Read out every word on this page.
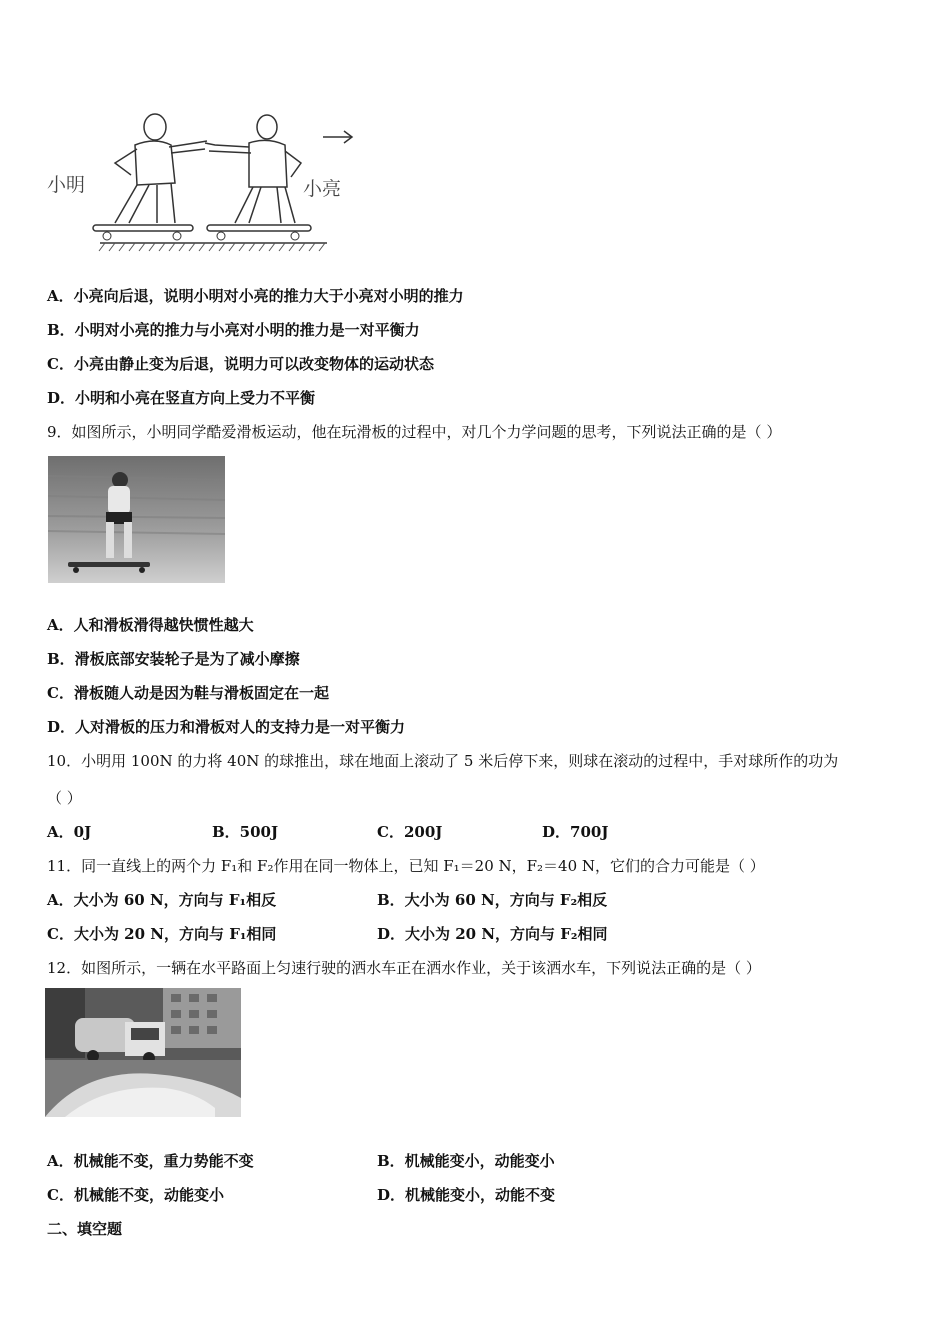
小明	小亮
A．小亮向后退，说明小明对小亮的推力大于小亮对小明的推力
B．小明对小亮的推力与小亮对小明的推力是一对平衡力
C．小亮由静止变为后退，说明力可以改变物体的运动状态
D．小明和小亮在竖直方向上受力不平衡
9．如图所示，小明同学酷爱滑板运动，他在玩滑板的过程中，对几个力学问题的思考，下列说法正确的是（ ）
A．人和滑板滑得越快惯性越大
B．滑板底部安装轮子是为了减小摩擦
C．滑板随人动是因为鞋与滑板固定在一起
D．人对滑板的压力和滑板对人的支持力是一对平衡力
10．小明用 100N 的力将 40N 的球推出，球在地面上滚动了 5 米后停下来，则球在滚动的过程中，手对球所作的功为
（ ）
A．0J	B．500J	C．200J	D．700J
11．同一直线上的两个力 F₁和 F₂作用在同一物体上，已知 F₁＝20 N，F₂＝40 N，它们的合力可能是（ ）
A．大小为 60 N，方向与 F₁相反	B．大小为 60 N，方向与 F₂相反
C．大小为 20 N，方向与 F₁相同	D．大小为 20 N，方向与 F₂相同
12．如图所示，一辆在水平路面上匀速行驶的洒水车正在洒水作业，关于该洒水车，下列说法正确的是（ ）
A．机械能不变，重力势能不变	B．机械能变小，动能变小
C．机械能不变，动能变小	D．机械能变小，动能不变
二、填空题
